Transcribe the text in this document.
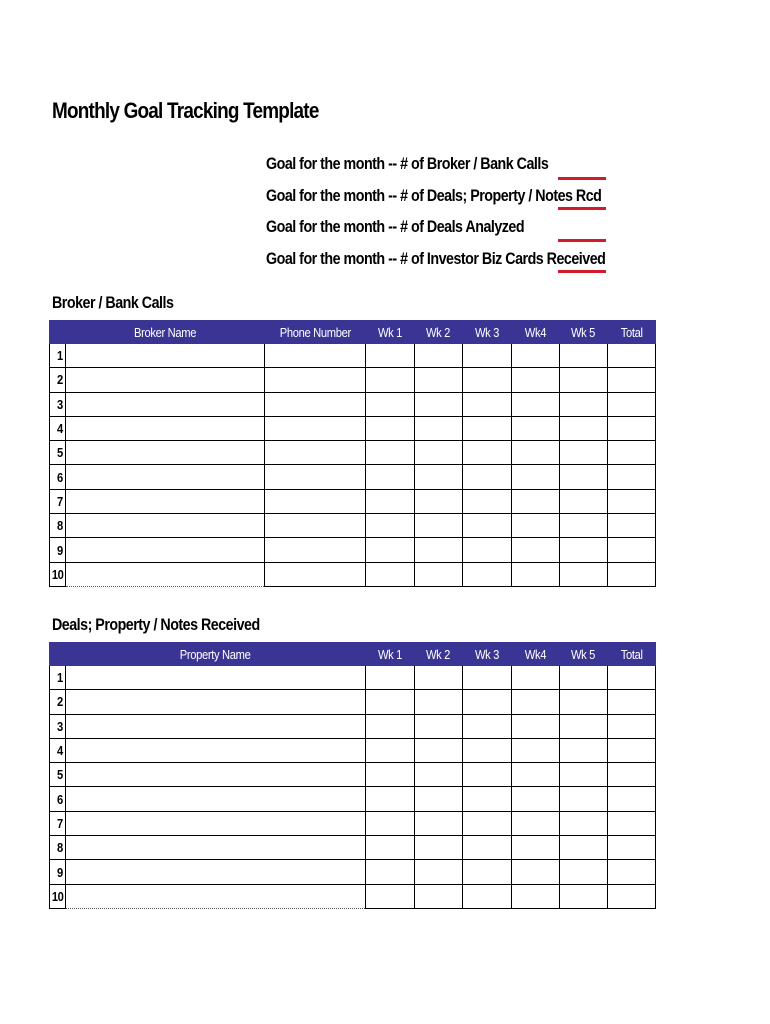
Monthly Goal Tracking Template
Goal for the month -- # of Broker / Bank Calls
Goal for the month -- # of Deals; Property / Notes Rcd
Goal for the month -- # of Deals Analyzed
Goal for the month -- # of Investor Biz Cards Received
Broker / Bank Calls
	Broker Name	Phone Number	Wk 1	Wk 2	Wk 3	Wk4	Wk 5	Total
1								
2								
3								
4								
5								
6								
7								
8								
9								
10								
Deals; Property / Notes Received
	Property Name	Wk 1	Wk 2	Wk 3	Wk4	Wk 5	Total
1							
2							
3							
4							
5							
6							
7							
8							
9							
10							
